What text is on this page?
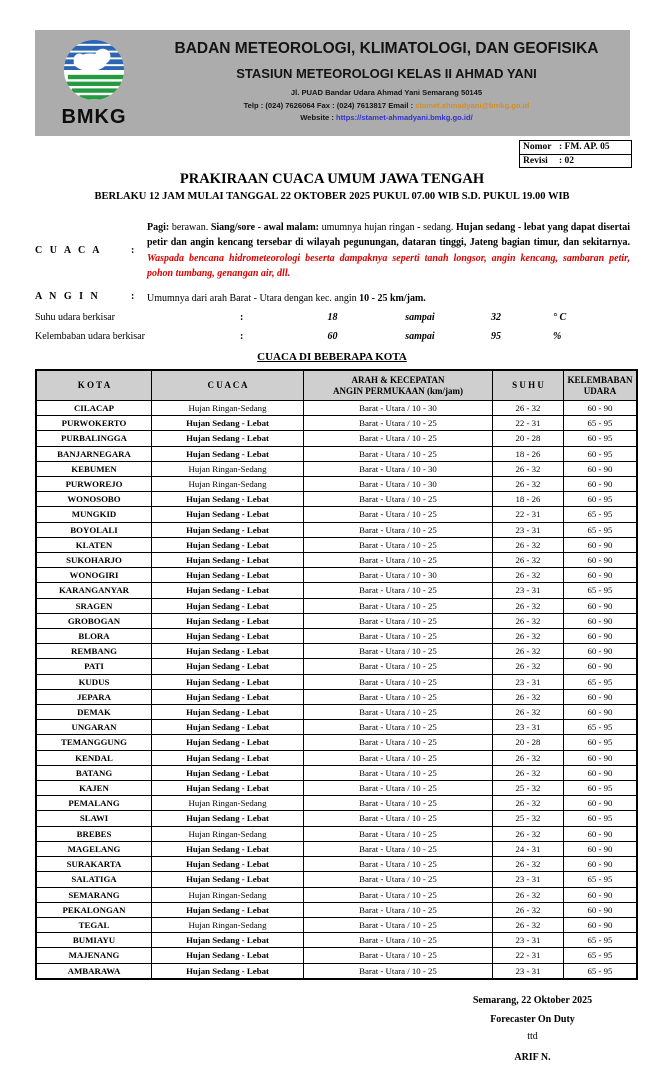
BMKG
BADAN METEOROLOGI, KLIMATOLOGI, DAN GEOFISIKA
STASIUN METEOROLOGI KELAS II AHMAD YANI
Jl. PUAD Bandar Udara Ahmad Yani Semarang 50145
Telp : (024) 7626064 Fax : (024) 7613817 Email : stamet.ahmadyani@bmkg.go.id
Website : https://stamet-ahmadyani.bmkg.go.id/
Nomor : FM. AP. 05
Revisi	: 02
PRAKIRAAN CUACA UMUM JAWA TENGAH
BERLAKU 12 JAM MULAI TANGGAL 22 OKTOBER 2025 PUKUL 07.00 WIB S.D. PUKUL 19.00 WIB
C U A C A	:
Pagi: berawan. Siang/sore - awal malam: umumnya hujan ringan - sedang. Hujan sedang - lebat yang dapat disertai petir dan angin kencang tersebar di wilayah pegunungan, dataran tinggi, Jateng bagian timur, dan sekitarnya. Waspada bencana hidrometeorologi beserta dampaknya seperti tanah longsor, angin kencang, sambaran petir, pohon tumbang, genangan air, dll.
A N G I N	:	Umumnya dari arah Barat - Utara dengan kec. angin 10 - 25 km/jam.
Suhu udara berkisar	:	18	sampai	32	° C
Kelembaban udara berkisar	:	60	sampai	95	%
CUACA DI BEBERAPA KOTA
K O T A	C U A C A	
ARAH & KECEPATAN
ANGIN PERMUKAAN (km/jam)
	S U H U	
KELEMBABAN
UDARA

CILACAP	Hujan Ringan-Sedang	Barat - Utara / 10 - 30	26 - 32	60 - 90
PURWOKERTO	Hujan Sedang - Lebat	Barat - Utara / 10 - 25	22 - 31	65 - 95
PURBALINGGA	Hujan Sedang - Lebat	Barat - Utara / 10 - 25	20 - 28	60 - 95
BANJARNEGARA	Hujan Sedang - Lebat	Barat - Utara / 10 - 25	18 - 26	60 - 95
KEBUMEN	Hujan Ringan-Sedang	Barat - Utara / 10 - 30	26 - 32	60 - 90
PURWOREJO	Hujan Ringan-Sedang	Barat - Utara / 10 - 30	26 - 32	60 - 90
WONOSOBO	Hujan Sedang - Lebat	Barat - Utara / 10 - 25	18 - 26	60 - 95
MUNGKID	Hujan Sedang - Lebat	Barat - Utara / 10 - 25	22 - 31	65 - 95
BOYOLALI	Hujan Sedang - Lebat	Barat - Utara / 10 - 25	23 - 31	65 - 95
KLATEN	Hujan Sedang - Lebat	Barat - Utara / 10 - 25	26 - 32	60 - 90
SUKOHARJO	Hujan Sedang - Lebat	Barat - Utara / 10 - 25	26 - 32	60 - 90
WONOGIRI	Hujan Sedang - Lebat	Barat - Utara / 10 - 30	26 - 32	60 - 90
KARANGANYAR	Hujan Sedang - Lebat	Barat - Utara / 10 - 25	23 - 31	65 - 95
SRAGEN	Hujan Sedang - Lebat	Barat - Utara / 10 - 25	26 - 32	60 - 90
GROBOGAN	Hujan Sedang - Lebat	Barat - Utara / 10 - 25	26 - 32	60 - 90
BLORA	Hujan Sedang - Lebat	Barat - Utara / 10 - 25	26 - 32	60 - 90
REMBANG	Hujan Sedang - Lebat	Barat - Utara / 10 - 25	26 - 32	60 - 90
PATI	Hujan Sedang - Lebat	Barat - Utara / 10 - 25	26 - 32	60 - 90
KUDUS	Hujan Sedang - Lebat	Barat - Utara / 10 - 25	23 - 31	65 - 95
JEPARA	Hujan Sedang - Lebat	Barat - Utara / 10 - 25	26 - 32	60 - 90
DEMAK	Hujan Sedang - Lebat	Barat - Utara / 10 - 25	26 - 32	60 - 90
UNGARAN	Hujan Sedang - Lebat	Barat - Utara / 10 - 25	23 - 31	65 - 95
TEMANGGUNG	Hujan Sedang - Lebat	Barat - Utara / 10 - 25	20 - 28	60 - 95
KENDAL	Hujan Sedang - Lebat	Barat - Utara / 10 - 25	26 - 32	60 - 90
BATANG	Hujan Sedang - Lebat	Barat - Utara / 10 - 25	26 - 32	60 - 90
KAJEN	Hujan Sedang - Lebat	Barat - Utara / 10 - 25	25 - 32	60 - 95
PEMALANG	Hujan Ringan-Sedang	Barat - Utara / 10 - 25	26 - 32	60 - 90
SLAWI	Hujan Sedang - Lebat	Barat - Utara / 10 - 25	25 - 32	60 - 95
BREBES	Hujan Ringan-Sedang	Barat - Utara / 10 - 25	26 - 32	60 - 90
MAGELANG	Hujan Sedang - Lebat	Barat - Utara / 10 - 25	24 - 31	60 - 90
SURAKARTA	Hujan Sedang - Lebat	Barat - Utara / 10 - 25	26 - 32	60 - 90
SALATIGA	Hujan Sedang - Lebat	Barat - Utara / 10 - 25	23 - 31	65 - 95
SEMARANG	Hujan Ringan-Sedang	Barat - Utara / 10 - 25	26 - 32	60 - 90
PEKALONGAN	Hujan Sedang - Lebat	Barat - Utara / 10 - 25	26 - 32	60 - 90
TEGAL	Hujan Ringan-Sedang	Barat - Utara / 10 - 25	26 - 32	60 - 90
BUMIAYU	Hujan Sedang - Lebat	Barat - Utara / 10 - 25	23 - 31	65 - 95
MAJENANG	Hujan Sedang - Lebat	Barat - Utara / 10 - 25	22 - 31	65 - 95
AMBARAWA	Hujan Sedang - Lebat	Barat - Utara / 10 - 25	23 - 31	65 - 95
Semarang, 22 Oktober 2025
Forecaster On Duty
ttd
ARIF N.
